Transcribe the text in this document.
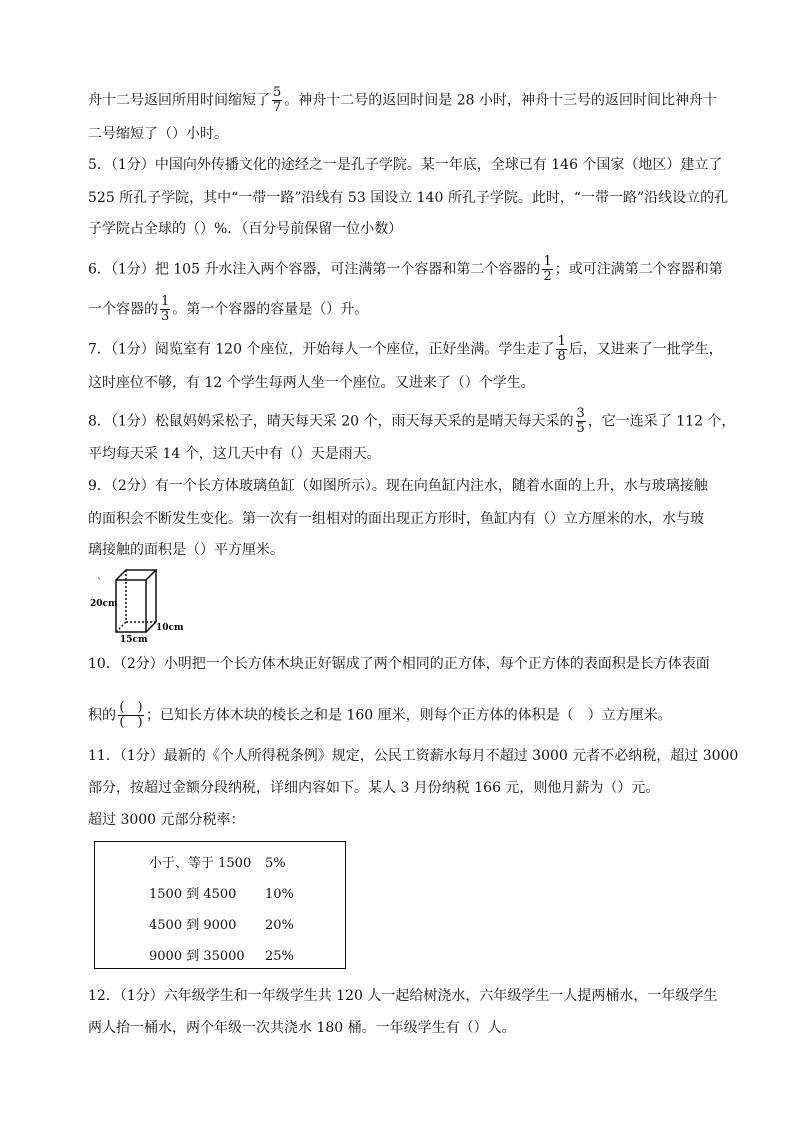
舟十二号返回所用时间缩短了 $\frac{5}{7}$ 。神舟十二号的返回时间是 28 小时，神舟十三号的返回时间比神舟十
二号缩短了（）小时。
5．（1分）中国向外传播文化的途经之一是孔子学院。某一年底，全球已有 146 个国家（地区）建立了
525 所孔子学院，其中“一带一路”沿线有 53 国设立 140 所孔子学院。此时，“一带一路”沿线设立的孔
子学院占全球的（）%．（百分号前保留一位小数）
6．（1分）把 105 升水注入两个容器，可注满第一个容器和第二个容器的 $\frac{1}{2}$ ；或可注满第二个容器和第
一个容器的 $\frac{1}{3}$ 。第一个容器的容量是（）升。
7．（1分）阅览室有 120 个座位，开始每人一个座位，正好坐满。学生走了 $\frac{1}{8}$ 后，又进来了一批学生，
这时座位不够，有 12 个学生每两人坐一个座位。又进来了（）个学生。
8．（1分）松鼠妈妈采松子，晴天每天采 20 个，雨天每天采的是晴天每天采的 $\frac{3}{5}$ ，它一连采了 112 个，
平均每天采 14 个，这几天中有（）天是雨天。
9．（2分）有一个长方体玻璃鱼缸（如图所示）。现在向鱼缸内注水，随着水面的上升，水与玻璃接触
的面积会不断发生变化。第一次有一组相对的面出现正方形时，鱼缸内有（）立方厘米的水，水与玻
璃接触的面积是（）平方厘米。
`
20cm
15cm
10cm
10．（2分）小明把一个长方体木块正好锯成了两个相同的正方体，每个正方体的表面积是长方体表面
积的 $\frac{( )}{( )}$ ；已知长方体木块的棱长之和是 160 厘米，则每个正方体的体积是（　）立方厘米。
11．（1分）最新的《个人所得税条例》规定，公民工资薪水每月不超过 3000 元者不必纳税，超过 3000
部分，按超过金额分段纳税，详细内容如下。某人 3 月份纳税 166 元，则他月薪为（）元。
超过 3000 元部分税率：
小于、等于 1500 5%
1500 到 4500 10%
4500 到 9000 20%
9000 到 35000 25%
12．（1分）六年级学生和一年级学生共 120 人一起给树浇水，六年级学生一人提两桶水，一年级学生
两人抬一桶水，两个年级一次共浇水 180 桶。一年级学生有（）人。
